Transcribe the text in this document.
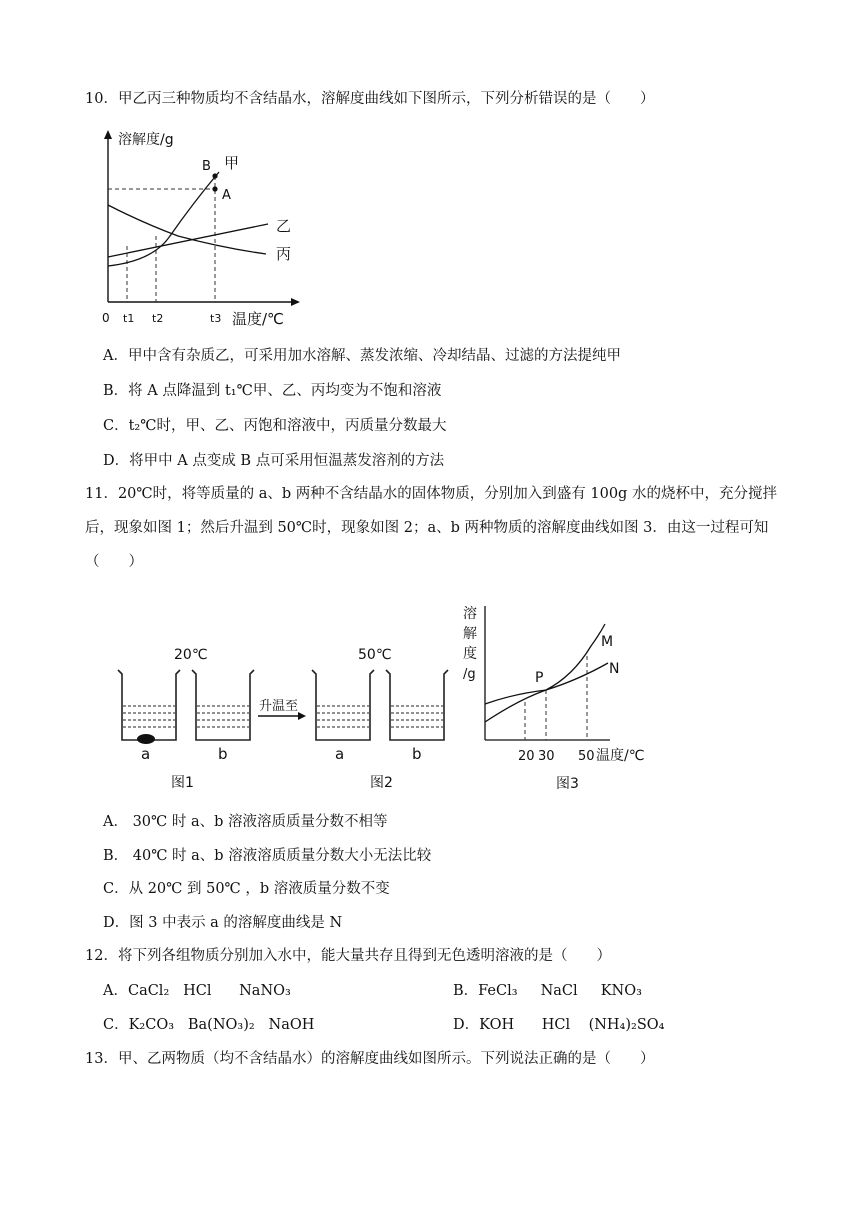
10．甲乙丙三种物质均不含结晶水，溶解度曲线如下图所示，下列分析错误的是（　　）
溶解度/g
B
A
甲
乙
丙
0 t1 t2	t3 温度/℃
A．甲中含有杂质乙，可采用加水溶解、蒸发浓缩、冷却结晶、过滤的方法提纯甲
B．将 A 点降温到 t₁℃甲、乙、丙均变为不饱和溶液
C．t₂℃时，甲、乙、丙饱和溶液中，丙质量分数最大
D．将甲中 A 点变成 B 点可采用恒温蒸发溶剂的方法
11．20℃时，将等质量的 a、b 两种不含结晶水的固体物质，分别加入到盛有 100g 水的烧杯中，充分搅拌
后，现象如图 1；然后升温到 50℃时，现象如图 2；a、b 两种物质的溶解度曲线如图 3．由这一过程可知
（　　）
20℃
a	b
图1
升温至
50℃
a	b
图2
溶
解
度
/g
M
N
P
20 30 50 温度/℃
图3
A． 30℃ 时 a、b 溶液溶质质量分数不相等
B． 40℃ 时 a、b 溶液溶质质量分数大小无法比较
C．从 20℃ 到 50℃ ，b 溶液质量分数不变
D．图 3 中表示 a 的溶解度曲线是 N
12．将下列各组物质分别加入水中，能大量共存且得到无色透明溶液的是（　　）
A．CaCl₂   HCl      NaNO₃	B．FeCl₃     NaCl     KNO₃
C．K₂CO₃   Ba(NO₃)₂   NaOH	D．KOH      HCl    (NH₄)₂SO₄
13．甲、乙两物质（均不含结晶水）的溶解度曲线如图所示。下列说法正确的是（　　）
